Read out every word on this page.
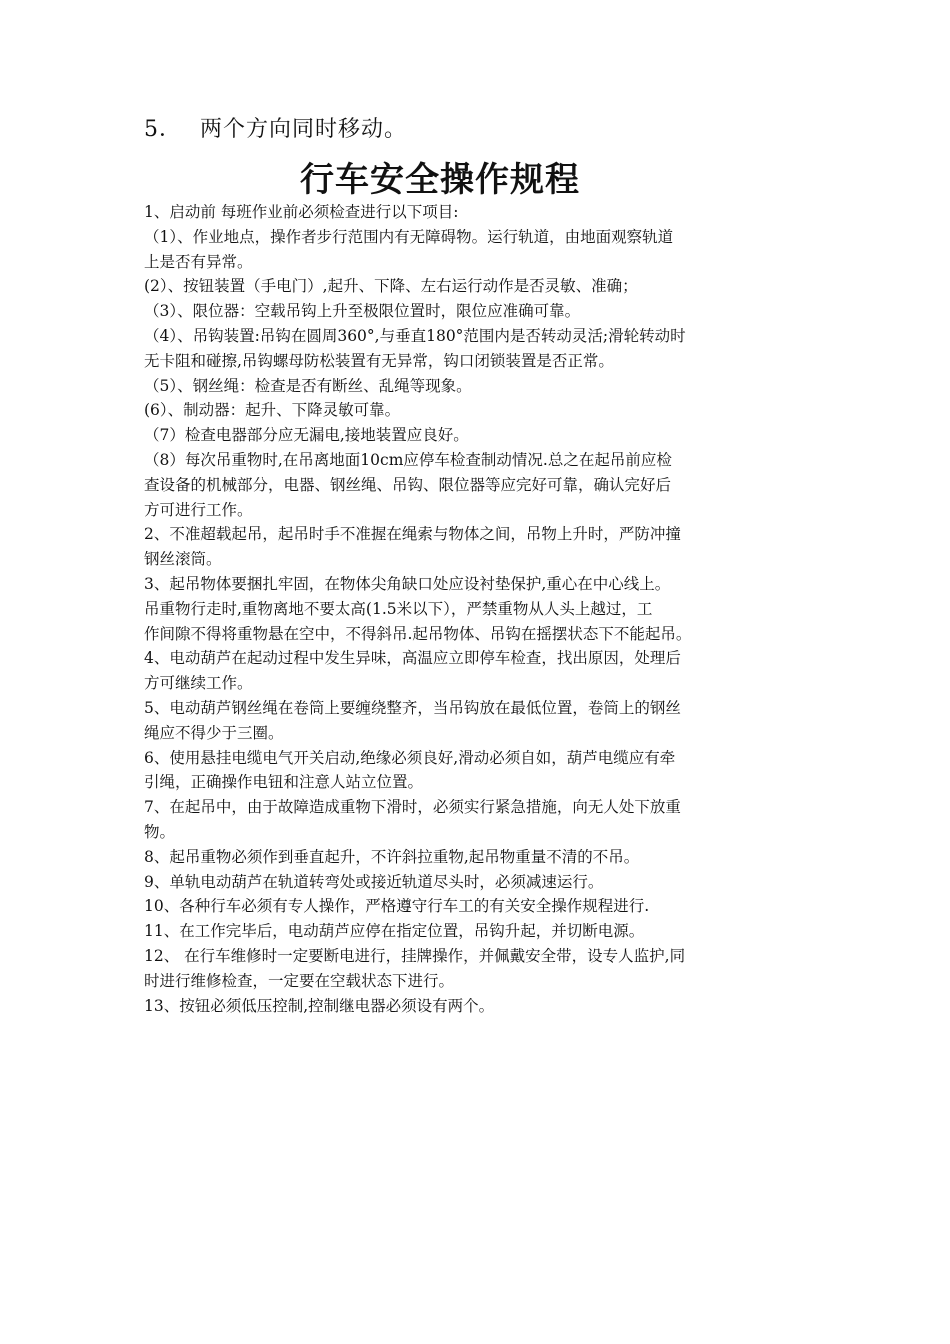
5． 两个方向同时移动。
行车安全操作规程
1、启动前 每班作业前必须检查进行以下项目:
（1）、作业地点，操作者步行范围内有无障碍物。运行轨道，由地面观察轨道
上是否有异常。
(2）、按钮装置（手电门）,起升、下降、左右运行动作是否灵敏、准确；
（3）、限位器：空载吊钩上升至极限位置时，限位应准确可靠。
（4）、吊钩装置:吊钩在圆周360°,与垂直180°范围内是否转动灵活;滑轮转动时
无卡阻和碰擦,吊钩螺母防松装置有无异常，钩口闭锁装置是否正常。
（5）、钢丝绳：检查是否有断丝、乱绳等现象。
(6）、制动器：起升、下降灵敏可靠。
（7）检查电器部分应无漏电,接地装置应良好。
（8）每次吊重物时,在吊离地面10cm应停车检查制动情况.总之在起吊前应检
查设备的机械部分，电器、钢丝绳、吊钩、限位器等应完好可靠，确认完好后
方可进行工作。
2、不准超载起吊，起吊时手不准握在绳索与物体之间，吊物上升时，严防冲撞
钢丝滚筒。
3、起吊物体要捆扎牢固，在物体尖角缺口处应设衬垫保护,重心在中心线上。
吊重物行走时,重物离地不要太高(1.5米以下），严禁重物从人头上越过，工
作间隙不得将重物悬在空中，不得斜吊.起吊物体、吊钩在摇摆状态下不能起吊。
4、电动葫芦在起动过程中发生异味，高温应立即停车检查，找出原因，处理后
方可继续工作。
5、电动葫芦钢丝绳在卷筒上要缠绕整齐，当吊钩放在最低位置，卷筒上的钢丝
绳应不得少于三圈。
6、使用悬挂电缆电气开关启动,绝缘必须良好,滑动必须自如，葫芦电缆应有牵
引绳，正确操作电钮和注意人站立位置。
7、在起吊中，由于故障造成重物下滑时，必须实行紧急措施，向无人处下放重
物。
8、起吊重物必须作到垂直起升，不许斜拉重物,起吊物重量不清的不吊。
9、单轨电动葫芦在轨道转弯处或接近轨道尽头时，必须减速运行。
10、各种行车必须有专人操作，严格遵守行车工的有关安全操作规程进行.
11、在工作完毕后，电动葫芦应停在指定位置，吊钩升起，并切断电源。
12、 在行车维修时一定要断电进行，挂牌操作，并佩戴安全带，设专人监护,同
时进行维修检查，一定要在空载状态下进行。
13、按钮必须低压控制,控制继电器必须设有两个。
